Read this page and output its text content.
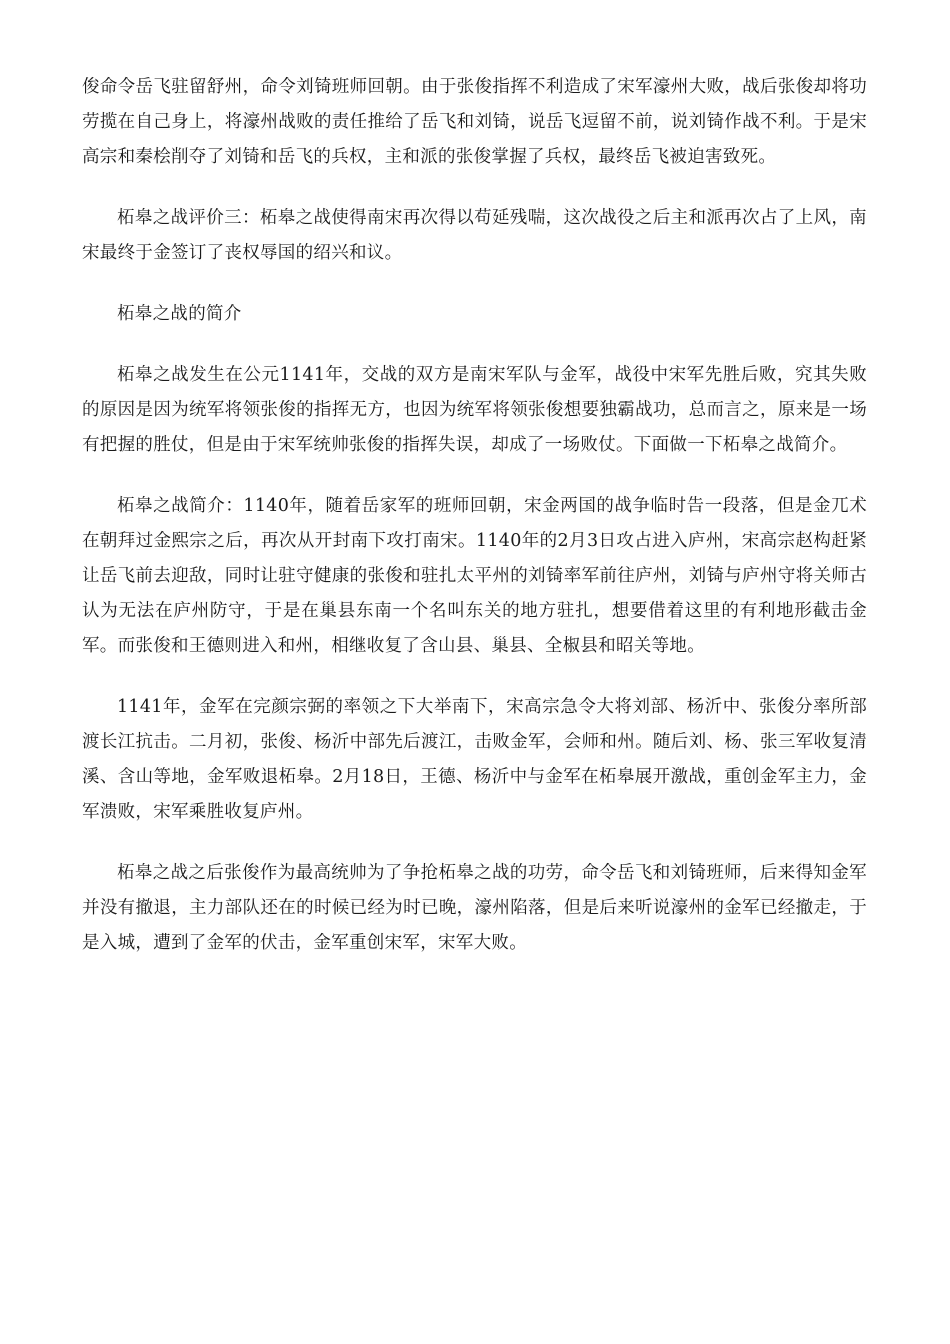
俊命令岳飞驻留舒州，命令刘锜班师回朝。由于张俊指挥不利造成了宋军濠州大败，战后张俊却将功劳揽在自己身上，将濠州战败的责任推给了岳飞和刘锜，说岳飞逗留不前，说刘锜作战不利。于是宋高宗和秦桧削夺了刘锜和岳飞的兵权，主和派的张俊掌握了兵权，最终岳飞被迫害致死。

柘皋之战评价三：柘皋之战使得南宋再次得以苟延残喘，这次战役之后主和派再次占了上风，南宋最终于金签订了丧权辱国的绍兴和议。

柘皋之战的简介

柘皋之战发生在公元1141年，交战的双方是南宋军队与金军，战役中宋军先胜后败，究其失败的原因是因为统军将领张俊的指挥无方，也因为统军将领张俊想要独霸战功，总而言之，原来是一场有把握的胜仗，但是由于宋军统帅张俊的指挥失误，却成了一场败仗。下面做一下柘皋之战简介。

柘皋之战简介：1140年，随着岳家军的班师回朝，宋金两国的战争临时告一段落，但是金兀术在朝拜过金熙宗之后，再次从开封南下攻打南宋。1140年的2月3日攻占进入庐州，宋高宗赵构赶紧让岳飞前去迎敌，同时让驻守健康的张俊和驻扎太平州的刘锜率军前往庐州，刘锜与庐州守将关师古认为无法在庐州防守，于是在巢县东南一个名叫东关的地方驻扎，想要借着这里的有利地形截击金军。而张俊和王德则进入和州，相继收复了含山县、巢县、全椒县和昭关等地。

1141年，金军在完颜宗弼的率领之下大举南下，宋高宗急令大将刘部、杨沂中、张俊分率所部渡长江抗击。二月初，张俊、杨沂中部先后渡江，击败金军，会师和州。随后刘、杨、张三军收复清溪、含山等地，金军败退柘皋。2月18日，王德、杨沂中与金军在柘皋展开激战，重创金军主力，金军溃败，宋军乘胜收复庐州。

柘皋之战之后张俊作为最高统帅为了争抢柘皋之战的功劳，命令岳飞和刘锜班师，后来得知金军并没有撤退，主力部队还在的时候已经为时已晚，濠州陷落，但是后来听说濠州的金军已经撤走，于是入城，遭到了金军的伏击，金军重创宋军，宋军大败。
